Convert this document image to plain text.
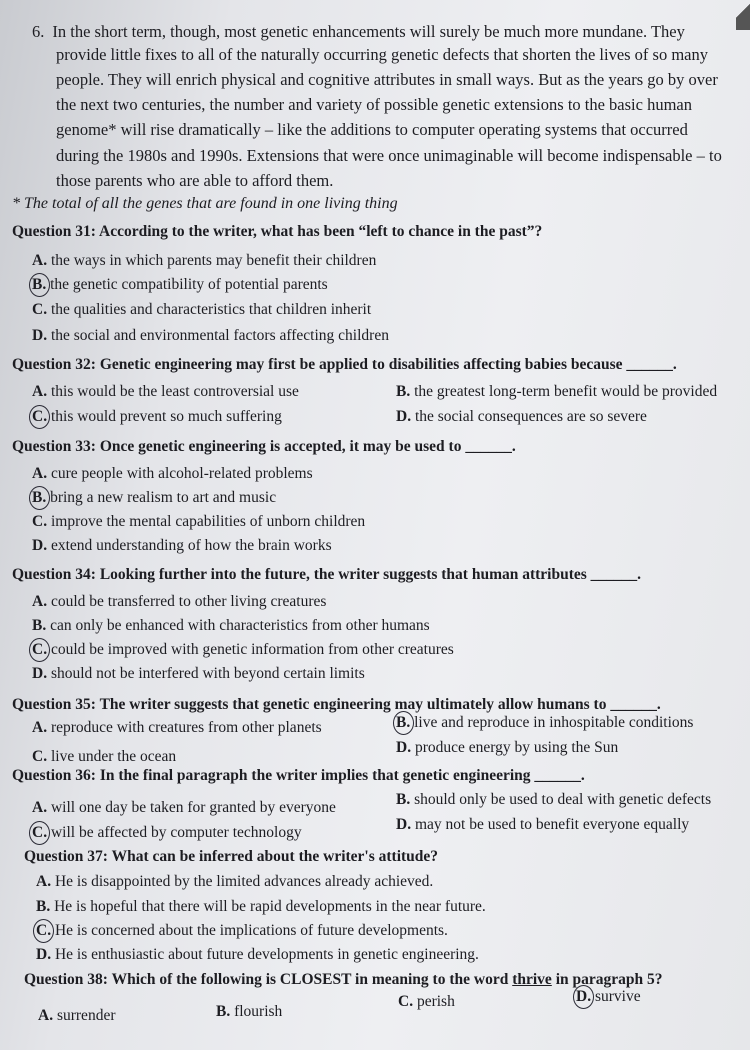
6. In the short term, though, most genetic enhancements will surely be much more mundane. They
provide little fixes to all of the naturally occurring genetic defects that shorten the lives of so many
people. They will enrich physical and cognitive attributes in small ways. But as the years go by over
the next two centuries, the number and variety of possible genetic extensions to the basic human
genome* will rise dramatically – like the additions to computer operating systems that occurred
during the 1980s and 1990s. Extensions that were once unimaginable will become indispensable – to
those parents who are able to afford them.
* The total of all the genes that are found in one living thing
Question 31: According to the writer, what has been “left to chance in the past”?
A. the ways in which parents may benefit their children
B. the genetic compatibility of potential parents
C. the qualities and characteristics that children inherit
D. the social and environmental factors affecting children
Question 32: Genetic engineering may first be applied to disabilities affecting babies because ______.
A. this would be the least controversial use	B. the greatest long-term benefit would be provided
C. this would prevent so much suffering	D. the social consequences are so severe
Question 33: Once genetic engineering is accepted, it may be used to ______.
A. cure people with alcohol-related problems
B. bring a new realism to art and music
C. improve the mental capabilities of unborn children
D. extend understanding of how the brain works
Question 34: Looking further into the future, the writer suggests that human attributes ______.
A. could be transferred to other living creatures
B. can only be enhanced with characteristics from other humans
C. could be improved with genetic information from other creatures
D. should not be interfered with beyond certain limits
Question 35: The writer suggests that genetic engineering may ultimately allow humans to ______.
A. reproduce with creatures from other planets	B. live and reproduce in inhospitable conditions
C. live under the ocean
D. produce energy by using the Sun
Question 36: In the final paragraph the writer implies that genetic engineering ______.
A. will one day be taken for granted by everyone	B. should only be used to deal with genetic defects
C. will be affected by computer technology	D. may not be used to benefit everyone equally
Question 37: What can be inferred about the writer's attitude?
A. He is disappointed by the limited advances already achieved.
B. He is hopeful that there will be rapid developments in the near future.
C. He is concerned about the implications of future developments.
D. He is enthusiastic about future developments in genetic engineering.
Question 38: Which of the following is CLOSEST in meaning to the word thrive in paragraph 5?
A. surrender	B. flourish
C. perish	D. survive
